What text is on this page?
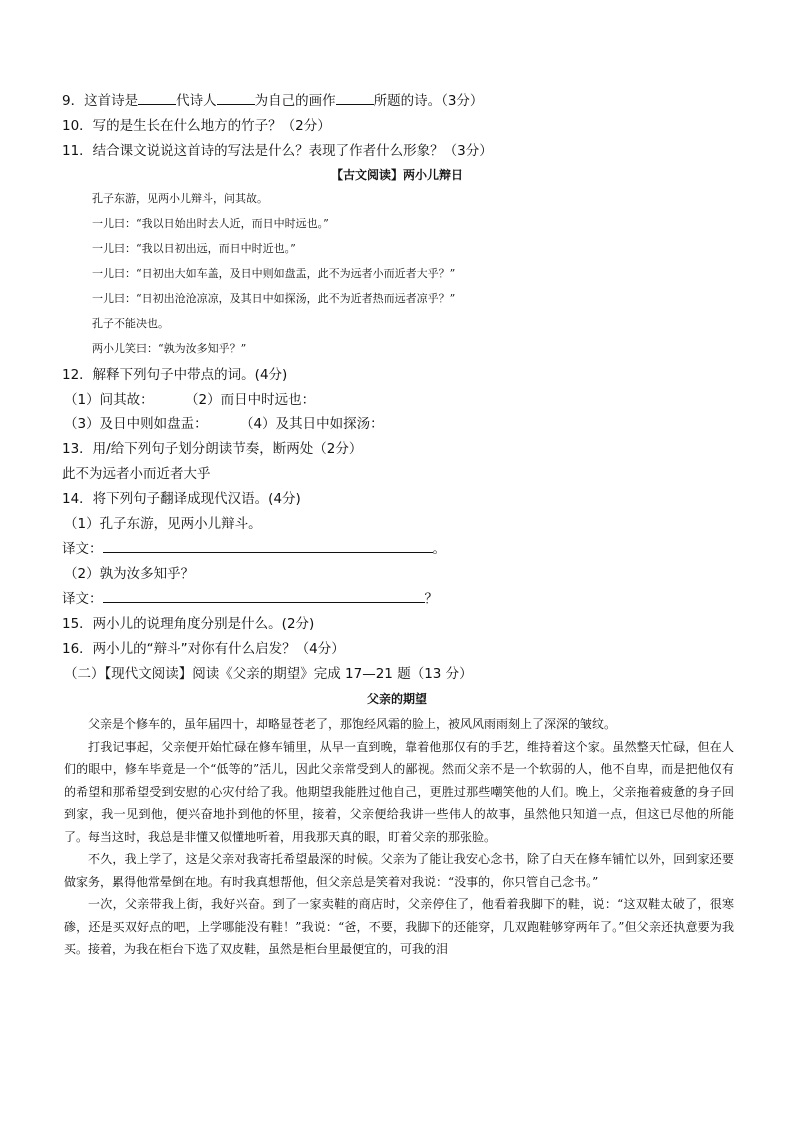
9．这首诗是	代诗人	为自己的画作	所题的诗。（3分）
10．写的是生长在什么地方的竹子？（2分）
11．结合课文说说这首诗的写法是什么？表现了作者什么形象？（3分）
【古文阅读】两小儿辩日
孔子东游，见两小儿辩斗，问其故。
一儿曰：“我以日始出时去人近，而日中时远也。”
一儿曰：“我以日初出远，而日中时近也。”
一儿曰：“日初出大如车盖，及日中则如盘盂，此不为远者小而近者大乎？”
一儿曰：“日初出沧沧凉凉，及其日中如探汤，此不为近者热而远者凉乎？”
孔子不能决也。
两小儿笑曰：“孰为汝多知乎？”
12．解释下列句子中带点的词。(4分)
（1）问其故： （2）而日中时远也：
（3）及日中则如盘盂： （4）及其日中如探汤：
13．用/给下列句子划分朗读节奏，断两处（2分）
此不为远者小而近者大乎
14．将下列句子翻译成现代汉语。(4分)
（1）孔子东游，见两小儿辩斗。
译文：	。
（2）孰为汝多知乎？
译文：	？
15．两小儿的说理角度分别是什么。(2分)
16．两小儿的“辩斗”对你有什么启发？（4分）
（二）【现代文阅读】阅读《父亲的期望》完成 17—21 题（13 分）
父亲的期望

父亲是个修车的，虽年届四十，却略显苍老了，那饱经风霜的脸上，被风风雨雨刻上了深深的皱纹。

打我记事起，父亲便开始忙碌在修车铺里，从早一直到晚，靠着他那仅有的手艺，维持着这个家。虽然整天忙碌，但在人们的眼中，修车毕竟是一个“低等的”活儿，因此父亲常受到人的鄙视。然而父亲不是一个软弱的人，他不自卑，而是把他仅有的希望和那希望受到安慰的心灾付给了我。他期望我能胜过他自己，更胜过那些嘲笑他的人们。晚上，父亲拖着疲惫的身子回到家，我一见到他，便兴奋地扑到他的怀里，接着，父亲便给我讲一些伟人的故事，虽然他只知道一点，但这已尽他的所能了。每当这时，我总是非懂又似懂地听着，用我那天真的眼，盯着父亲的那张脸。

不久，我上学了，这是父亲对我寄托希望最深的时候。父亲为了能让我安心念书，除了白天在修车铺忙以外，回到家还要做家务，累得他常晕倒在地。有时我真想帮他，但父亲总是笑着对我说：“没事的，你只管自己念书。”

一次，父亲带我上街，我好兴奋。到了一家卖鞋的商店时，父亲停住了，他看着我脚下的鞋，说：“这双鞋太破了，很寒碜，还是买双好点的吧，上学哪能没有鞋！”我说：“爸，不要，我脚下的还能穿，几双跑鞋够穿两年了。”但父亲还执意要为我买。接着，为我在柜台下选了双皮鞋，虽然是柜台里最便宜的，可我的泪
